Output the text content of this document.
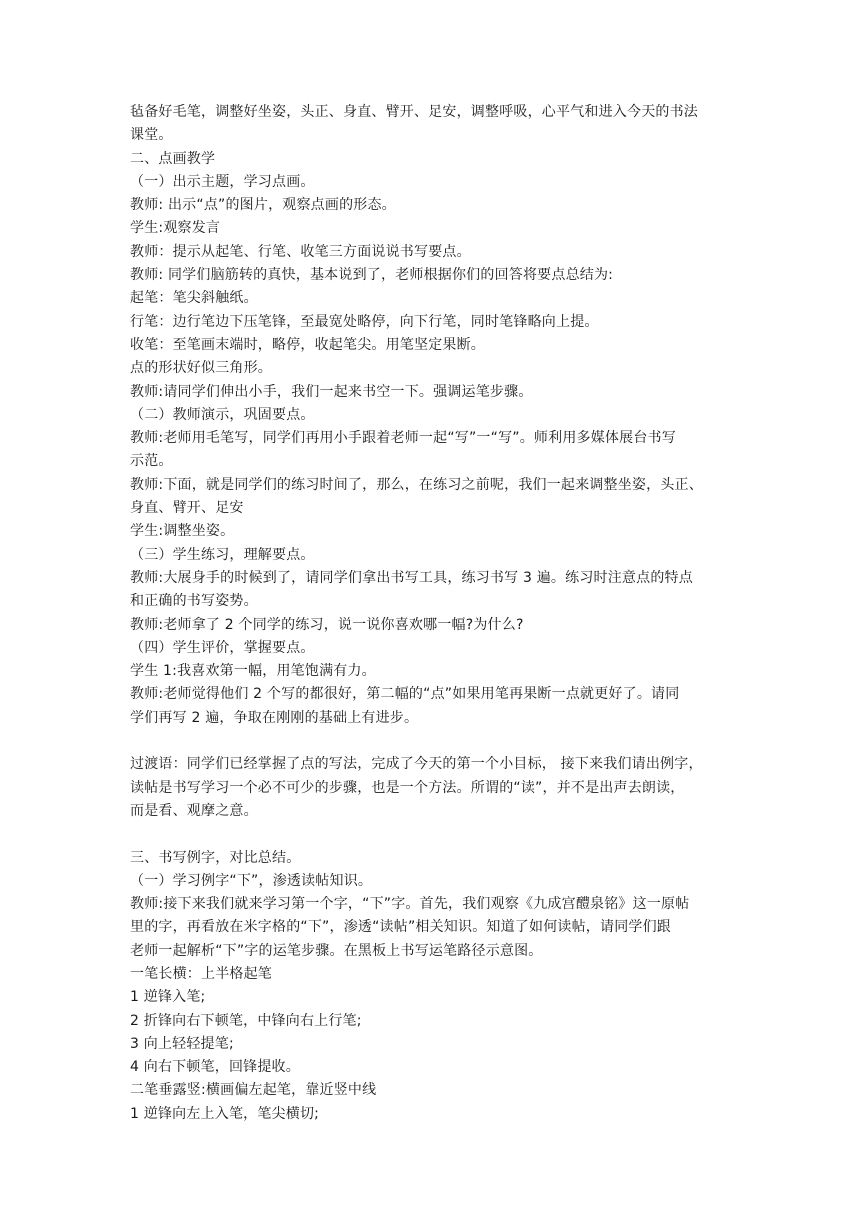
毡备好毛笔，调整好坐姿，头正、身直、臂开、足安，调整呼吸，心平气和进入今天的书法
课堂。
二、点画教学
（一）出示主题，学习点画。
教师: 出示“点”的图片，观察点画的形态。
学生:观察发言
教师：提示从起笔、行笔、收笔三方面说说书写要点。
教师: 同学们脑筋转的真快，基本说到了，老师根据你们的回答将要点总结为:
起笔：笔尖斜触纸。
行笔：边行笔边下压笔锋，至最宽处略停，向下行笔，同时笔锋略向上提。
收笔：至笔画末端时，略停，收起笔尖。用笔坚定果断。
点的形状好似三角形。
教师:请同学们伸出小手，我们一起来书空一下。强调运笔步骤。
（二）教师演示，巩固要点。
教师:老师用毛笔写，同学们再用小手跟着老师一起“写”一“写”。师利用多媒体展台书写
示范。
教师:下面，就是同学们的练习时间了，那么，在练习之前呢，我们一起来调整坐姿，头正、
身直、臂开、足安
学生:调整坐姿。
（三）学生练习，理解要点。
教师:大展身手的时候到了，请同学们拿出书写工具，练习书写 3 遍。练习时注意点的特点
和正确的书写姿势。
教师:老师拿了 2 个同学的练习，说一说你喜欢哪一幅?为什么?
（四）学生评价，掌握要点。
学生 1:我喜欢第一幅，用笔饱满有力。
教师:老师觉得他们 2 个写的都很好，第二幅的“点”如果用笔再果断一点就更好了。请同
学们再写 2 遍，争取在刚刚的基础上有进步。
过渡语：同学们已经掌握了点的写法，完成了今天的第一个小目标， 接下来我们请出例字，
读帖是书写学习一个必不可少的步骤，也是一个方法。所谓的“读”，并不是出声去朗读，
而是看、观摩之意。
三、书写例字，对比总结。
（一）学习例字“下”，渗透读帖知识。
教师:接下来我们就来学习第一个字，“下”字。首先，我们观察《九成宫醴泉铭》这一原帖
里的字，再看放在米字格的“下”，渗透“读帖”相关知识。知道了如何读帖，请同学们跟
老师一起解析“下”字的运笔步骤。在黑板上书写运笔路径示意图。
一笔长横：上半格起笔
1 逆锋入笔;
2 折锋向右下顿笔，中锋向右上行笔;
3 向上轻轻提笔;
4 向右下顿笔，回锋提收。
二笔垂露竖:横画偏左起笔，靠近竖中线
1 逆锋向左上入笔，笔尖横切;
